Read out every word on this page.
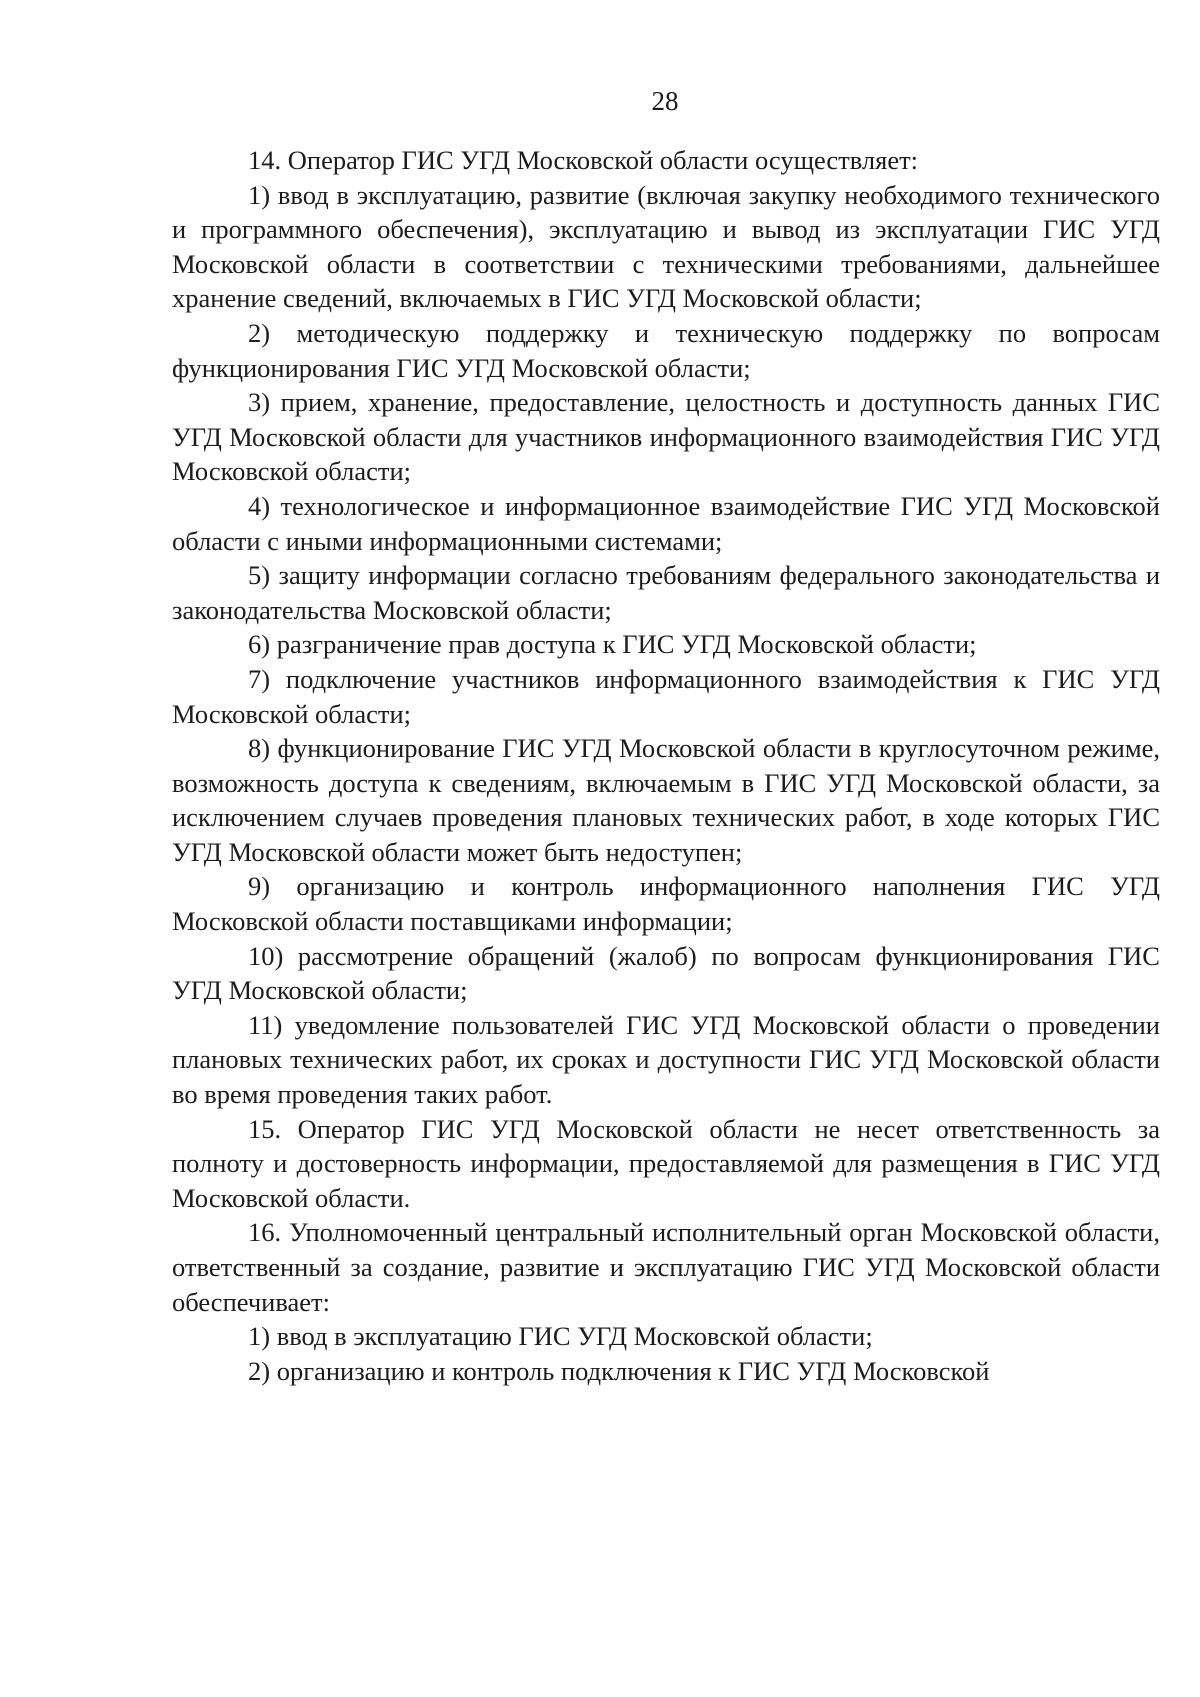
28

14. Оператор ГИС УГД Московской области осуществляет:

1) ввод в эксплуатацию, развитие (включая закупку необходимого технического и программного обеспечения), эксплуатацию и вывод из эксплуатации ГИС УГД Московской области в соответствии с техническими требованиями, дальнейшее хранение сведений, включаемых в ГИС УГД Московской области;

2) методическую поддержку и техническую поддержку по вопросам функционирования ГИС УГД Московской области;

3) прием, хранение, предоставление, целостность и доступность данных ГИС УГД Московской области для участников информационного взаимодействия ГИС УГД Московской области;

4) технологическое и информационное взаимодействие ГИС УГД Московской области с иными информационными системами;

5) защиту информации согласно требованиям федерального законодательства и законодательства Московской области;

6) разграничение прав доступа к ГИС УГД Московской области;

7) подключение участников информационного взаимодействия к ГИС УГД Московской области;

8) функционирование ГИС УГД Московской области в круглосуточном режиме, возможность доступа к сведениям, включаемым в ГИС УГД Московской области, за исключением случаев проведения плановых технических работ, в ходе которых ГИС УГД Московской области может быть недоступен;

9) организацию и контроль информационного наполнения ГИС УГД Московской области поставщиками информации;

10) рассмотрение обращений (жалоб) по вопросам функционирования ГИС УГД Московской области;

11) уведомление пользователей ГИС УГД Московской области о проведении плановых технических работ, их сроках и доступности ГИС УГД Московской области во время проведения таких работ.

15. Оператор ГИС УГД Московской области не несет ответственность за полноту и достоверность информации, предоставляемой для размещения в ГИС УГД Московской области.

16. Уполномоченный центральный исполнительный орган Московской области, ответственный за создание, развитие и эксплуатацию ГИС УГД Московской области обеспечивает:

1) ввод в эксплуатацию ГИС УГД Московской области;

2) организацию и контроль подключения к ГИС УГД Московской
